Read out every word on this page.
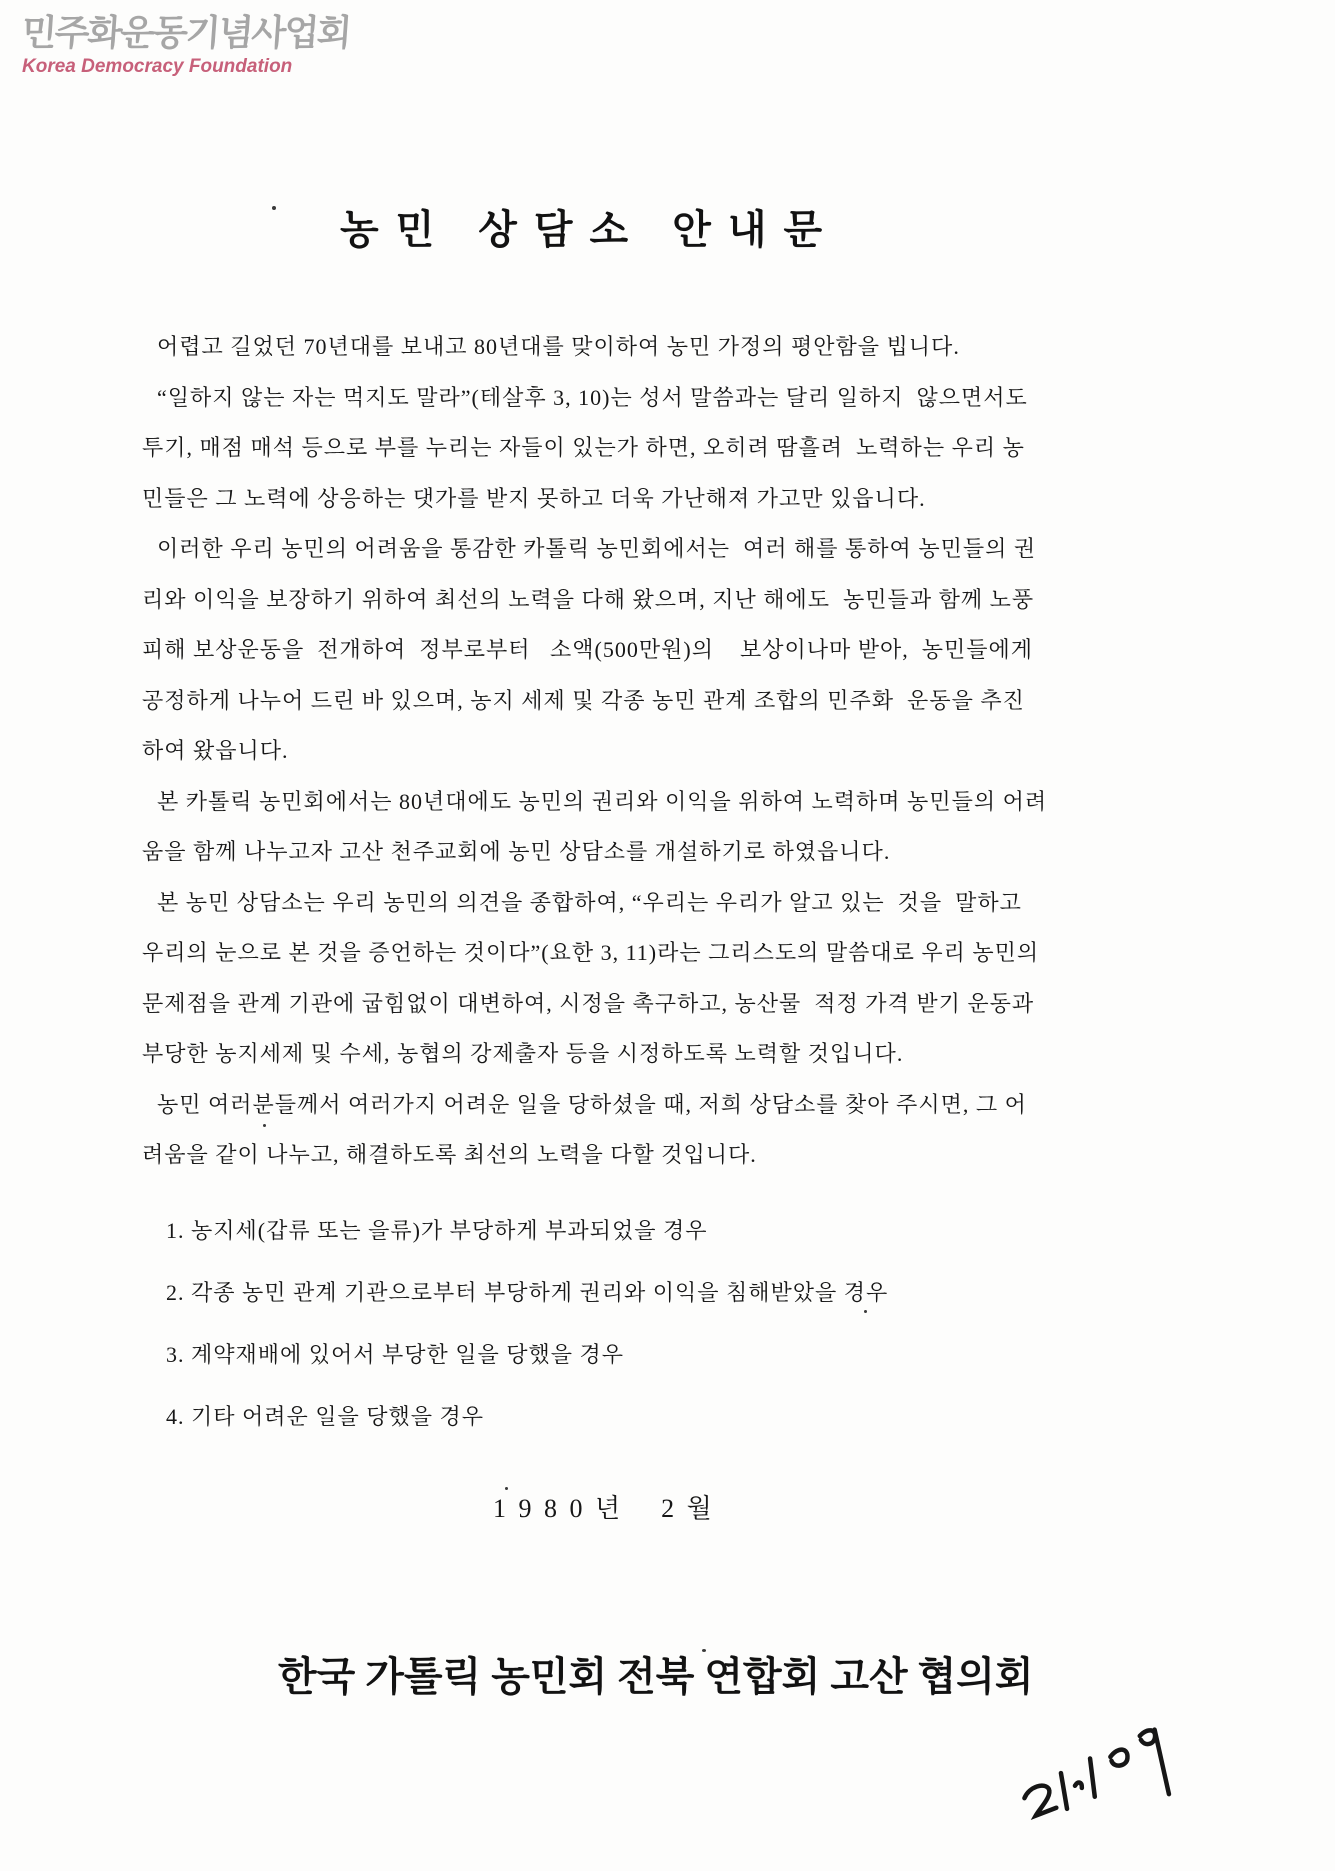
민주화운동기념사업회
Korea Democracy Foundation
농민 상담소 안내문
어렵고 길었던 70년대를 보내고 80년대를 맞이하여 농민 가정의 평안함을 빕니다.
“일하지 않는 자는 먹지도 말라”(테살후 3, 10)는 성서 말씀과는 달리 일하지  않으면서도
투기, 매점 매석 등으로 부를 누리는 자들이 있는가 하면, 오히려 땀흘려  노력하는 우리 농
민들은 그 노력에 상응하는 댓가를 받지 못하고 더욱 가난해져 가고만 있읍니다.
이러한 우리 농민의 어려움을 통감한 카톨릭 농민회에서는  여러 해를 통하여 농민들의 권
리와 이익을 보장하기 위하여 최선의 노력을 다해 왔으며, 지난 해에도  농민들과 함께 노풍
피해 보상운동을  전개하여  정부로부터   소액(500만원)의    보상이나마 받아,  농민들에게
공정하게 나누어 드린 바 있으며, 농지 세제 및 각종 농민 관계 조합의 민주화  운동을 추진
하여 왔읍니다.
본 카톨릭 농민회에서는 80년대에도 농민의 권리와 이익을 위하여 노력하며 농민들의 어려
움을 함께 나누고자 고산 천주교회에 농민 상담소를 개설하기로 하였읍니다.
본 농민 상담소는 우리 농민의 의견을 종합하여, “우리는 우리가 알고 있는  것을  말하고
우리의 눈으로 본 것을 증언하는 것이다”(요한 3, 11)라는 그리스도의 말씀대로 우리 농민의
문제점을 관계 기관에 굽힘없이 대변하여, 시정을 촉구하고, 농산물  적정 가격 받기 운동과
부당한 농지세제 및 수세, 농협의 강제출자 등을 시정하도록 노력할 것입니다.
농민 여러분들께서 여러가지 어려운 일을 당하셨을 때, 저희 상담소를 찾아 주시면, 그 어
려움을 같이 나누고, 해결하도록 최선의 노력을 다할 것입니다.
1. 농지세(갑류 또는 을류)가 부당하게 부과되었을 경우
2. 각종 농민 관계 기관으로부터 부당하게 권리와 이익을 침해받았을 경우
3. 계약재배에 있어서 부당한 일을 당했을 경우
4. 기타 어려운 일을 당했을 경우
1 9 8 0 년    2 월
한국 가톨릭 농민회 전북 연합회 고산 협의회
